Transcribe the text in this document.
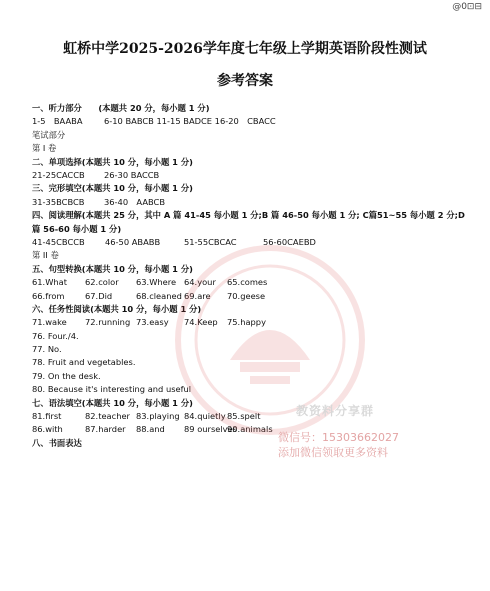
@0⊡⊟
虹桥中学2025-2026学年度七年级上学期英语阶段性测试
参考答案
一、听力部分　　(本题共 20 分，每小题 1 分)
1-5　BAABA	6-10 BABCB 11-15 BADCE 16-20　CBACC
笔试部分
第 I 卷
二、单项选择(本题共 10 分，每小题 1 分)
21-25CACCB 26-30 BACCB
三、完形填空(本题共 10 分，每小题 1 分)
31-35BCBCB 36-40　AABCB
四、阅读理解(本题共 25 分，其中 A 篇 41-45 每小题 1 分;B 篇 46-50 每小题 1 分; C篇51~55 每小题 2 分;D 篇 56-60 每小题 1 分)
41-45CBCCB 46-50 ABABB	51-55CBCAC	56-60CAEBD
第 II 卷
五、句型转换(本题共 10 分，每小题 1 分)
61.What 62.color 63.Where 64.your 65.comes
66.from 67.Did	68.cleaned 69.are 70.geese
六、任务性阅读(本题共 10 分，每小题 1 分)
71.wake 72.running 73.easy 74.Keep 75.happy
76. Four./4.
77. No.
78. Fruit and vegetables.
79. On the desk.
80. Because it's interesting and useful
七、语法填空(本题共 10 分，每小题 1 分)
81.first	82.teacher 83.playing 84.quietly 85.spelt
86.with	87.harder 88.and 89 ourselves
90.animals
八、书面表达
教资料分享群
微信号：15303662027
添加微信领取更多资料
